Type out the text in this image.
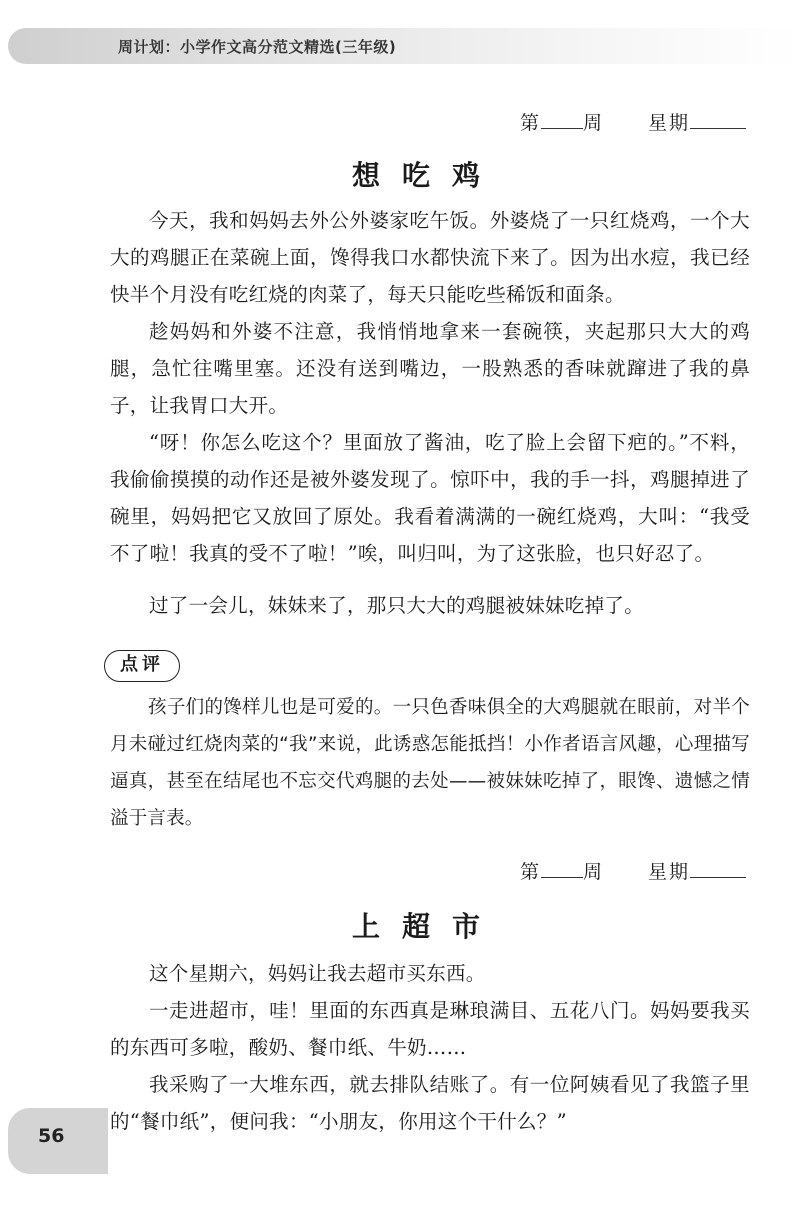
周计划：小学作文高分范文精选(三年级)
第 周 星期
想吃鸡
今天，我和妈妈去外公外婆家吃午饭。外婆烧了一只红烧鸡，一个大大的鸡腿正在菜碗上面，馋得我口水都快流下来了。因为出水痘，我已经快半个月没有吃红烧的肉菜了，每天只能吃些稀饭和面条。
趁妈妈和外婆不注意，我悄悄地拿来一套碗筷，夹起那只大大的鸡腿，急忙往嘴里塞。还没有送到嘴边，一股熟悉的香味就蹿进了我的鼻子，让我胃口大开。
“呀！你怎么吃这个？里面放了酱油，吃了脸上会留下疤的。”不料，我偷偷摸摸的动作还是被外婆发现了。惊吓中，我的手一抖，鸡腿掉进了碗里，妈妈把它又放回了原处。我看着满满的一碗红烧鸡，大叫：“我受不了啦！我真的受不了啦！”唉，叫归叫，为了这张脸，也只好忍了。
过了一会儿，妹妹来了，那只大大的鸡腿被妹妹吃掉了。
点评
孩子们的馋样儿也是可爱的。一只色香味俱全的大鸡腿就在眼前，对半个月未碰过红烧肉菜的“我”来说，此诱惑怎能抵挡！小作者语言风趣，心理描写逼真，甚至在结尾也不忘交代鸡腿的去处——被妹妹吃掉了，眼馋、遗憾之情溢于言表。
第 周 星期
上超市
这个星期六，妈妈让我去超市买东西。
一走进超市，哇！里面的东西真是琳琅满目、五花八门。妈妈要我买的东西可多啦，酸奶、餐巾纸、牛奶……
我采购了一大堆东西，就去排队结账了。有一位阿姨看见了我篮子里的“餐巾纸”，便问我：“小朋友，你用这个干什么？”
56
